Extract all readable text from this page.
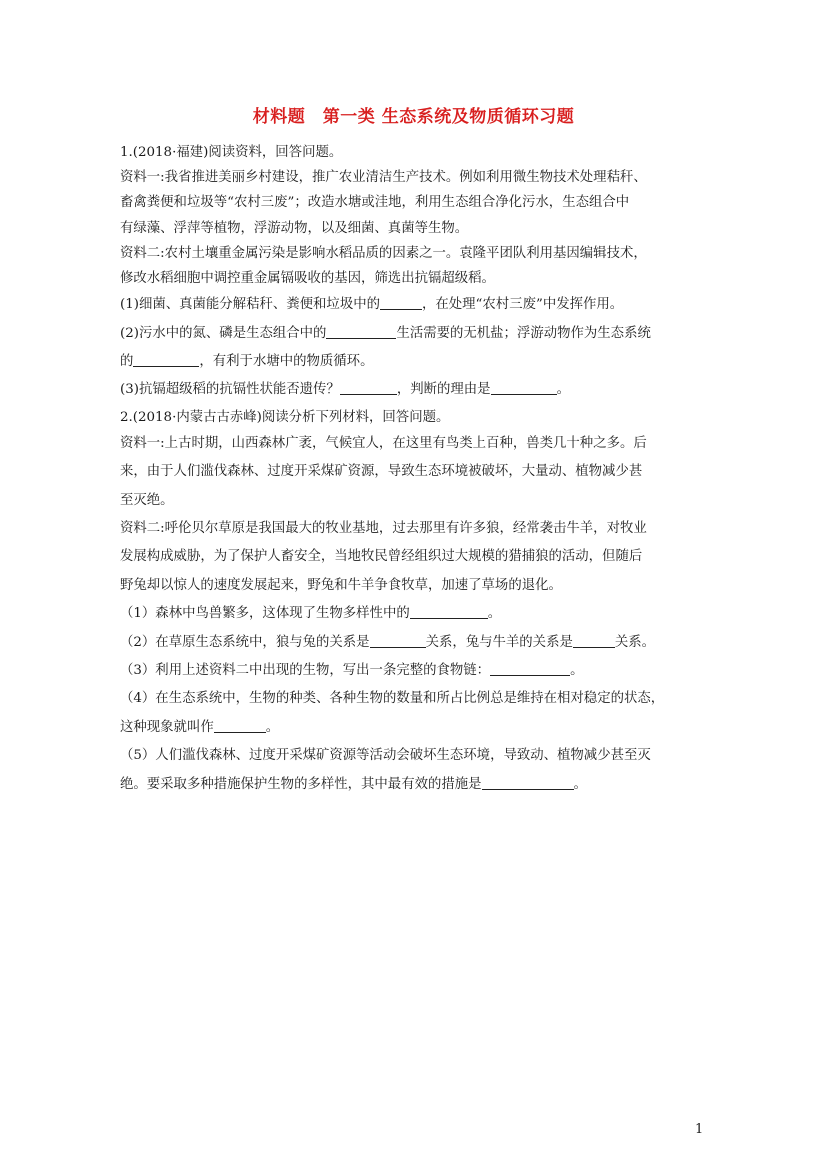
材料题　第一类 生态系统及物质循环习题
1.(2018·福建)阅读资料，回答问题。
资料一:我省推进美丽乡村建设，推广农业清洁生产技术。例如利用微生物技术处理秸秆、
畜禽粪便和垃圾等“农村三废”；改造水塘或洼地，利用生态组合净化污水，生态组合中
有绿藻、浮萍等植物，浮游动物，以及细菌、真菌等生物。
资料二:农村土壤重金属污染是影响水稻品质的因素之一。袁隆平团队利用基因编辑技术，
修改水稻细胞中调控重金属镉吸收的基因，筛选出抗镉超级稻。
(1)细菌、真菌能分解秸秆、粪便和垃圾中的	，在处理“农村三废”中发挥作用。
(2)污水中的氮、磷是生态组合中的	生活需要的无机盐；浮游动物作为生态系统
的	，有利于水塘中的物质循环。
(3)抗镉超级稻的抗镉性状能否遗传？	，判断的理由是	。
2.(2018·内蒙古古赤峰)阅读分析下列材料，回答问题。
资料一:上古时期，山西森林广袤，气候宜人，在这里有鸟类上百种，兽类几十种之多。后
来，由于人们滥伐森林、过度开采煤矿资源，导致生态环境被破坏，大量动、植物减少甚
至灭绝。
资料二:呼伦贝尔草原是我国最大的牧业基地，过去那里有许多狼，经常袭击牛羊，对牧业
发展构成威胁，为了保护人畜安全，当地牧民曾经组织过大规模的猎捕狼的活动，但随后
野兔却以惊人的速度发展起来，野兔和牛羊争食牧草，加速了草场的退化。
（1）森林中鸟兽繁多，这体现了生物多样性中的	。
（2）在草原生态系统中，狼与兔的关系是	关系，兔与牛羊的关系是	关系。
（3）利用上述资料二中出现的生物，写出一条完整的食物链：	。
（4）在生态系统中，生物的种类、各种生物的数量和所占比例总是维持在相对稳定的状态，
这种现象就叫作	。
（5）人们滥伐森林、过度开采煤矿资源等活动会破坏生态环境，导致动、植物减少甚至灭
绝。要采取多种措施保护生物的多样性，其中最有效的措施是	。
1
